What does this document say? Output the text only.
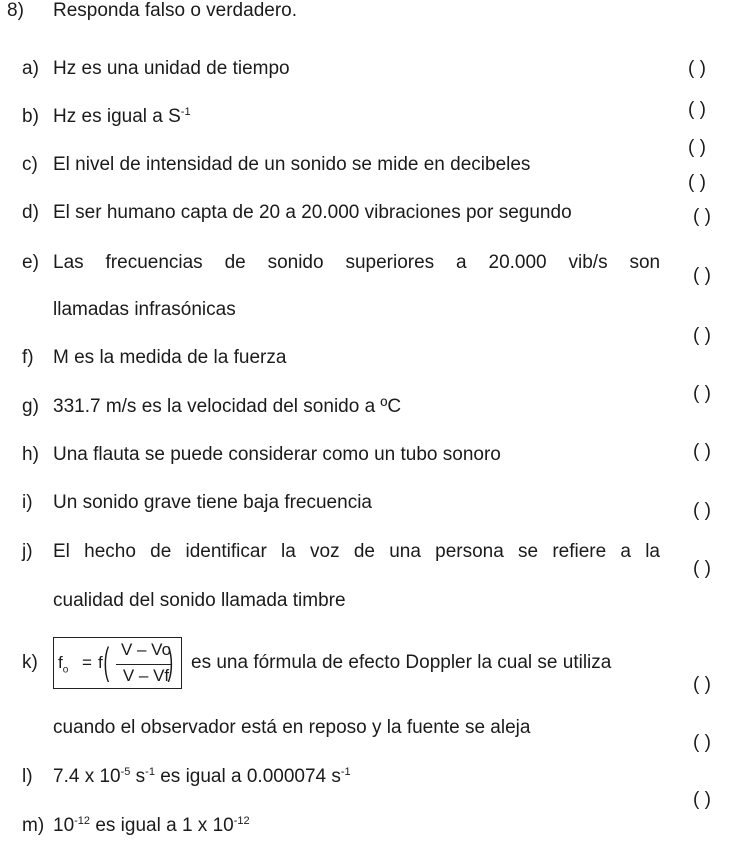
8) Responda falso o verdadero.
a) Hz es una unidad de tiempo
b) Hz es igual a $S^{-1}$
c) El nivel de intensidad de un sonido se mide en decibeles
d) El ser humano capta de 20 a 20.000 vibraciones por segundo
e) Las frecuencias de sonido superiores a 20.000 vib/s son
llamadas infrasónicas
f) M es la medida de la fuerza
g) 331.7 m/s es la velocidad del sonido a ºC
h) Una flauta se puede considerar como un tubo sonoro
i) Un sonido grave tiene baja frecuencia
j) El hecho de identificar la voz de una persona se refiere a la
cualidad del sonido llamada timbre
k) $f_o = f$ ( V – Vo
V – Vf
) es una fórmula de efecto Doppler la cual se utiliza
cuando el observador está en reposo y la fuente se aleja
l) 7.4 x $10^{-5}$ $s^{-1}$ es igual a 0.000074 $s^{-1}$
m) $10^{-12}$ es igual a 1 x $10^{-12}$
( )
( )
( )
( )
( )
( )
( )
( )
( )
( )
( )
( )
( )
( )
